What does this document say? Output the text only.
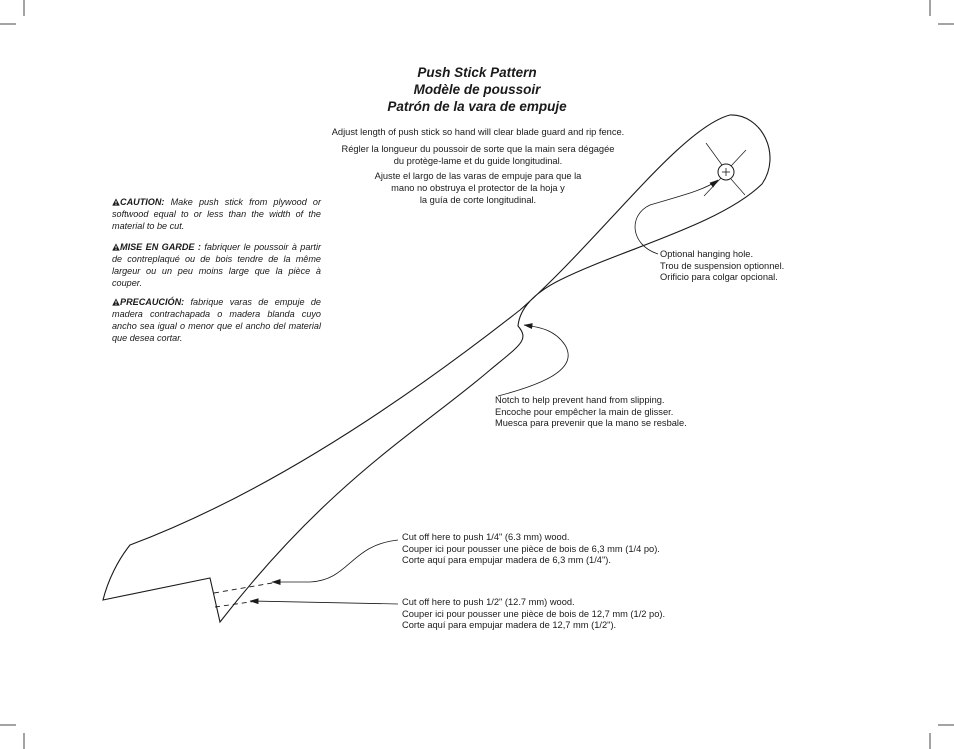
Push Stick Pattern
Modèle de poussoir
Patrón de la vara de empuje
Adjust length of push stick so hand will clear blade guard and rip fence.
Régler la longueur du poussoir de sorte que la main sera dégagée
du protège-lame et du guide longitudinal.
Ajuste el largo de las varas de empuje para que la
mano no obstruya el protector de la hoja y
la guía de corte longitudinal.
CAUTION: Make push stick from plywood or softwood equal to or less than the width of the material to be cut.
MISE EN GARDE : fabriquer le poussoir à partir de contreplaqué ou de bois tendre de la même largeur ou un peu moins large que la pièce à couper.
PRECAUCIÓN: fabrique varas de empuje de madera contrachapada o madera blanda cuyo ancho sea igual o menor que el ancho del material que desea cortar.
Optional hanging hole.
Trou de suspension optionnel.
Orificio para colgar opcional.
Notch to help prevent hand from slipping.
Encoche pour empêcher la main de glisser.
Muesca para prevenir que la mano se resbale.
Cut off here to push 1/4" (6.3 mm) wood.
Couper ici pour pousser une pièce de bois de 6,3 mm (1/4 po).
Corte aquí para empujar madera de 6,3 mm (1/4").
Cut off here to push 1/2" (12.7 mm) wood.
Couper ici pour pousser une pièce de bois de 12,7 mm (1/2 po).
Corte aquí para empujar madera de 12,7 mm (1/2").
